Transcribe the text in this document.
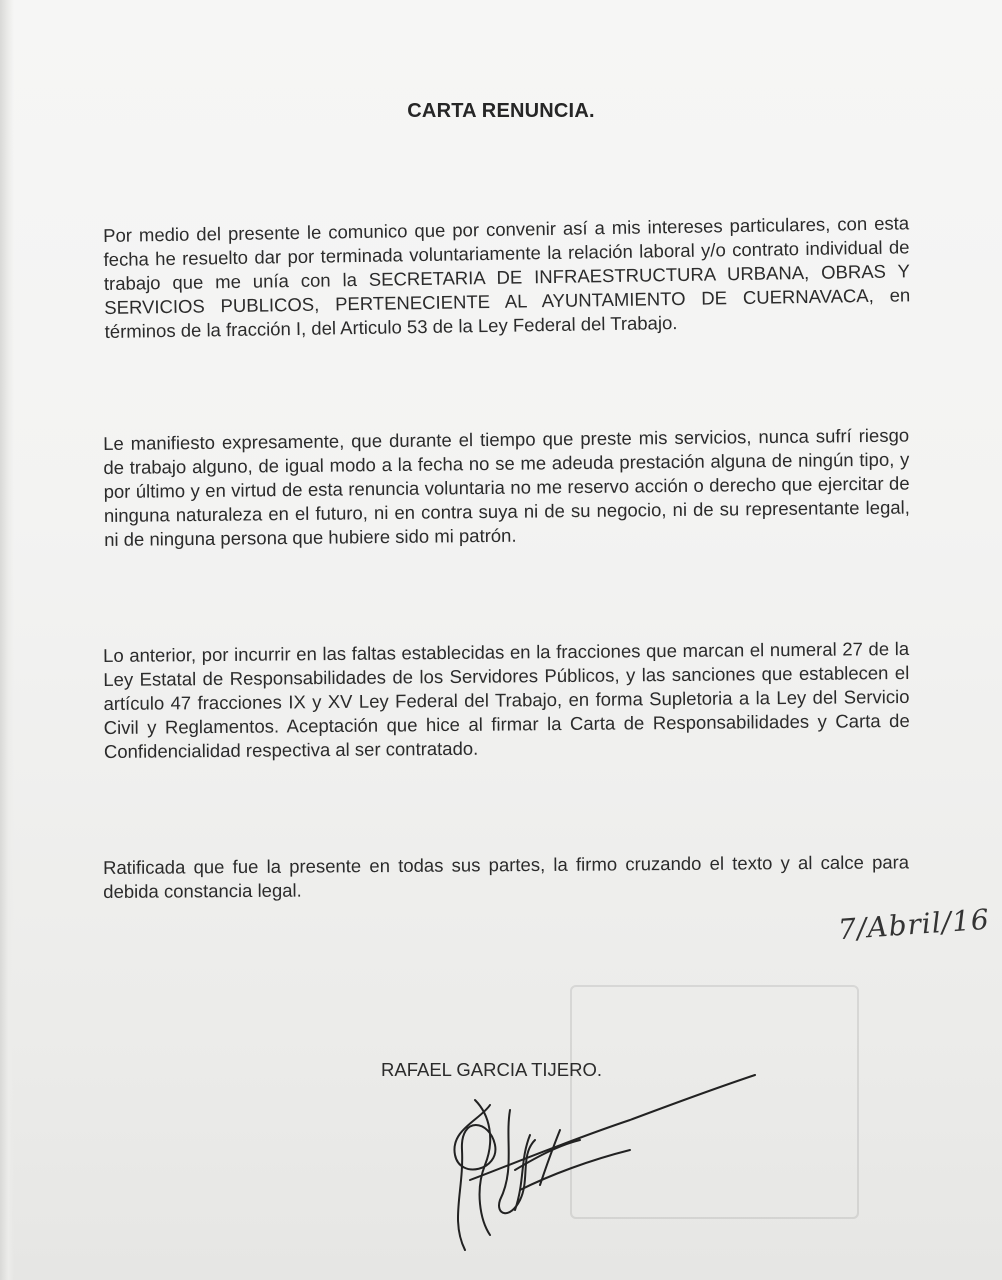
CARTA RENUNCIA.
Por medio del presente le comunico que por convenir así a mis intereses particulares, con esta fecha he resuelto dar por terminada voluntariamente la relación laboral y/o contrato individual de trabajo que me unía con la SECRETARIA DE INFRAESTRUCTURA URBANA, OBRAS Y SERVICIOS PUBLICOS, PERTENECIENTE AL AYUNTAMIENTO DE CUERNAVACA, en términos de la fracción I, del Articulo 53 de la Ley Federal del Trabajo.
Le manifiesto expresamente, que durante el tiempo que preste mis servicios, nunca sufrí riesgo de trabajo alguno, de igual modo a la fecha no se me adeuda prestación alguna de ningún tipo, y por último y en virtud de esta renuncia voluntaria no me reservo acción o derecho que ejercitar de ninguna naturaleza en el futuro, ni en contra suya ni de su negocio, ni de su representante legal, ni de ninguna persona que hubiere sido mi patrón.
Lo anterior, por incurrir en las faltas establecidas en la fracciones que marcan el numeral 27 de la Ley Estatal de Responsabilidades de los Servidores Públicos, y las sanciones que establecen el artículo 47 fracciones IX y XV Ley Federal del Trabajo, en forma Supletoria a la Ley del Servicio Civil y Reglamentos. Aceptación que hice al firmar la Carta de Responsabilidades y Carta de Confidencialidad respectiva al ser contratado.
Ratificada que fue la presente en todas sus partes, la firmo cruzando el texto y al calce para debida constancia legal.
7/Abril/16
RAFAEL GARCIA TIJERO.
